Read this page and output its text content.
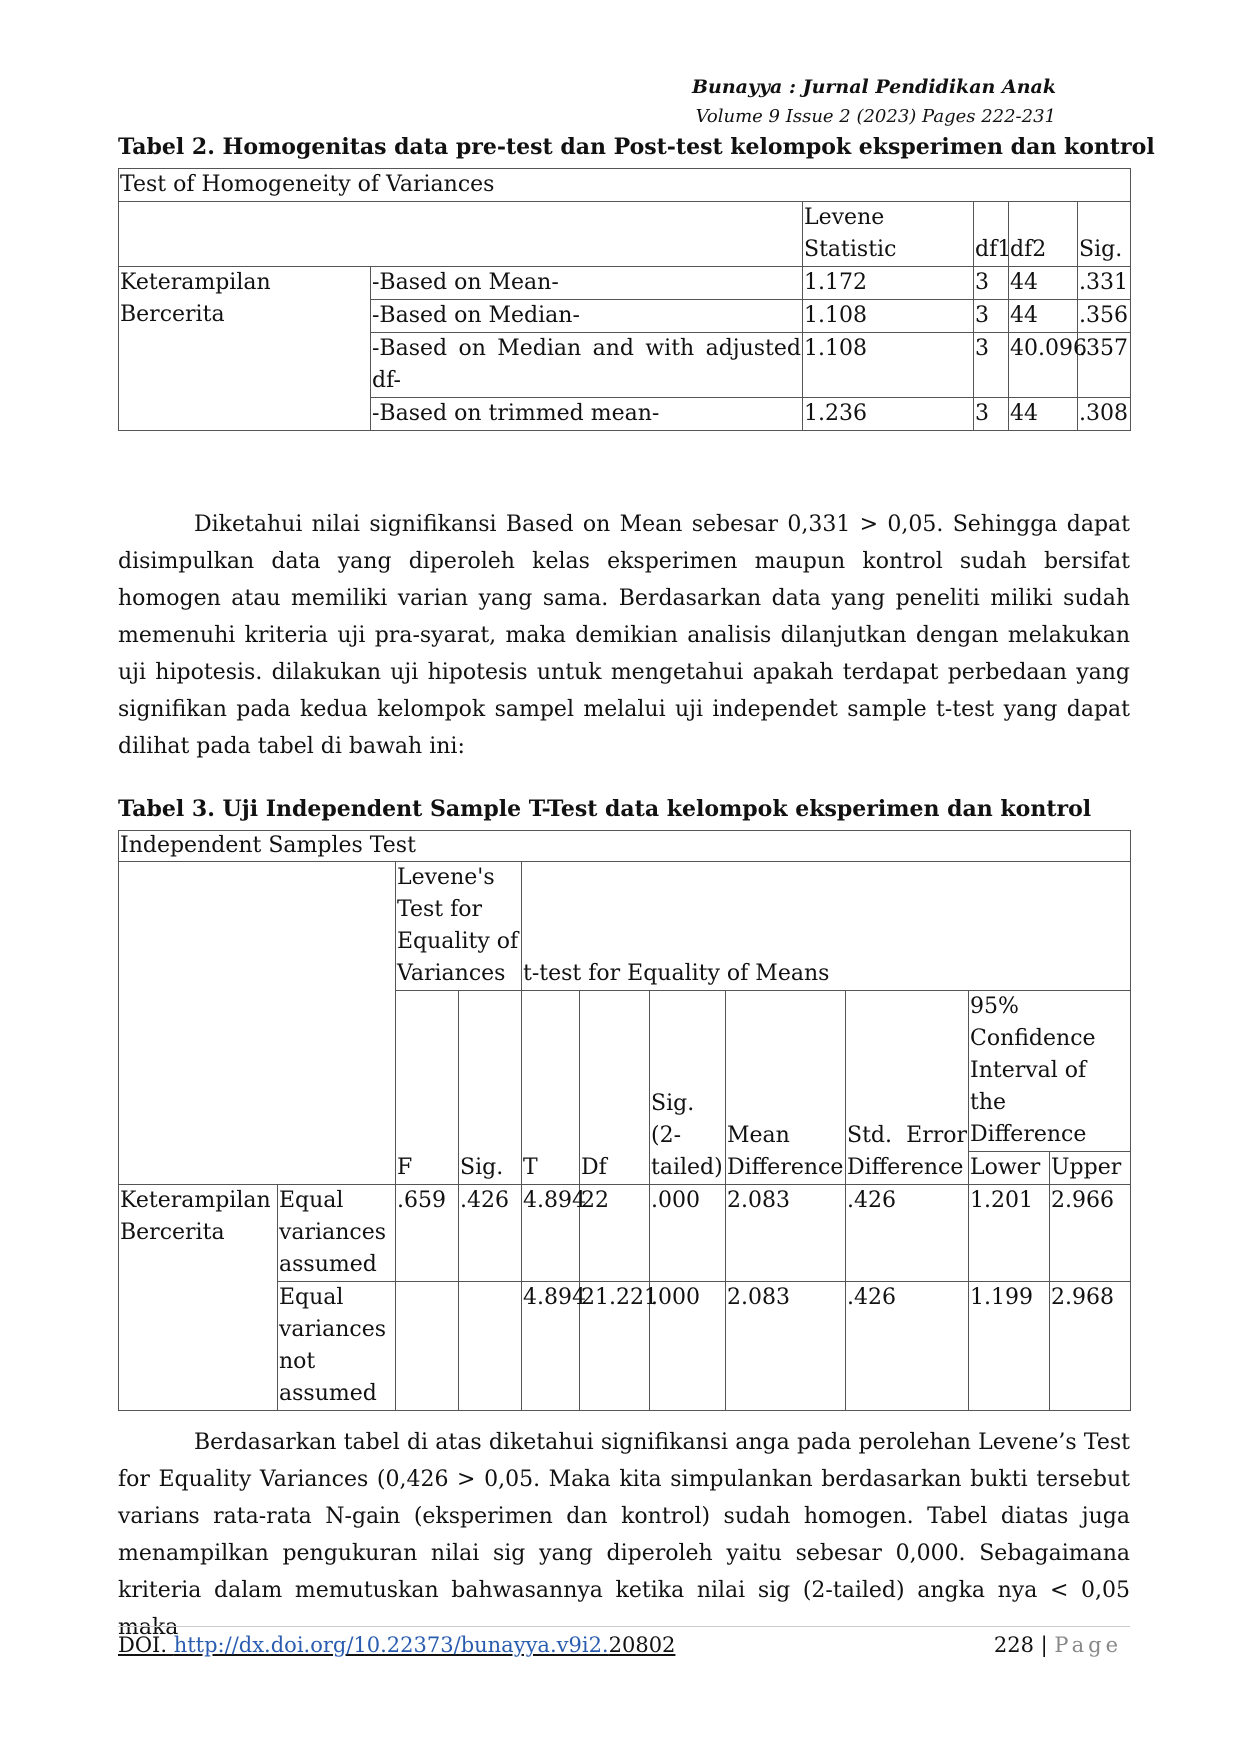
Bunayya : Jurnal Pendidikan Anak
Volume 9 Issue 2 (2023) Pages 222-231
Tabel 2. Homogenitas data pre-test dan Post-test kelompok eksperimen dan kontrol
Test of Homogeneity of Variances					
		Levene Statistic	df1	df2	Sig.
Keterampilan Bercerita	-Based on Mean-	1.172	3	44	.331
	-Based on Median-	1.108	3	44	.356
	-Based on Median and with adjusted df-	1.108	3	40.096	.357
	-Based on trimmed mean-	1.236	3	44	.308

Diketahui nilai signifikansi Based on Mean sebesar 0,331 > 0,05. Sehingga dapat disimpulkan data yang diperoleh kelas eksperimen maupun kontrol sudah bersifat homogen atau memiliki varian yang sama. Berdasarkan data yang peneliti miliki sudah memenuhi kriteria uji pra-syarat, maka demikian analisis dilanjutkan dengan melakukan uji hipotesis. dilakukan uji hipotesis untuk mengetahui apakah terdapat perbedaan yang signifikan pada kedua kelompok sampel melalui uji independet sample t-test yang dapat dilihat pada tabel di bawah ini:

Tabel 3. Uji Independent Sample T-Test data kelompok eksperimen dan kontrol
Independent Samples Test										
		Levene's Test for Equality of Variances		t-test for Equality of Means						
		F	Sig.	T	Df	Sig. (2-tailed)	Mean Difference	Std. Error Difference	95% Confidence Interval of the Difference	
									Lower	Upper
Keterampilan Bercerita	Equal variances assumed	.659	.426	4.894	22	.000	2.083	.426	1.201	2.966
	Equal variances not assumed			4.894	21.221	.000	2.083	.426	1.199	2.968

Berdasarkan tabel di atas diketahui signifikansi anga pada perolehan Levene’s Test for Equality Variances (0,426 > 0,05. Maka kita simpulankan berdasarkan bukti tersebut varians rata-rata N-gain (eksperimen dan kontrol) sudah homogen. Tabel diatas juga menampilkan pengukuran nilai sig yang diperoleh yaitu sebesar 0,000. Sebagaimana kriteria dalam memutuskan bahwasannya ketika nilai sig (2-tailed) angka nya < 0,05 maka

DOI. http://dx.doi.org/10.22373/bunayya.v9i2.20802	228 | Page
